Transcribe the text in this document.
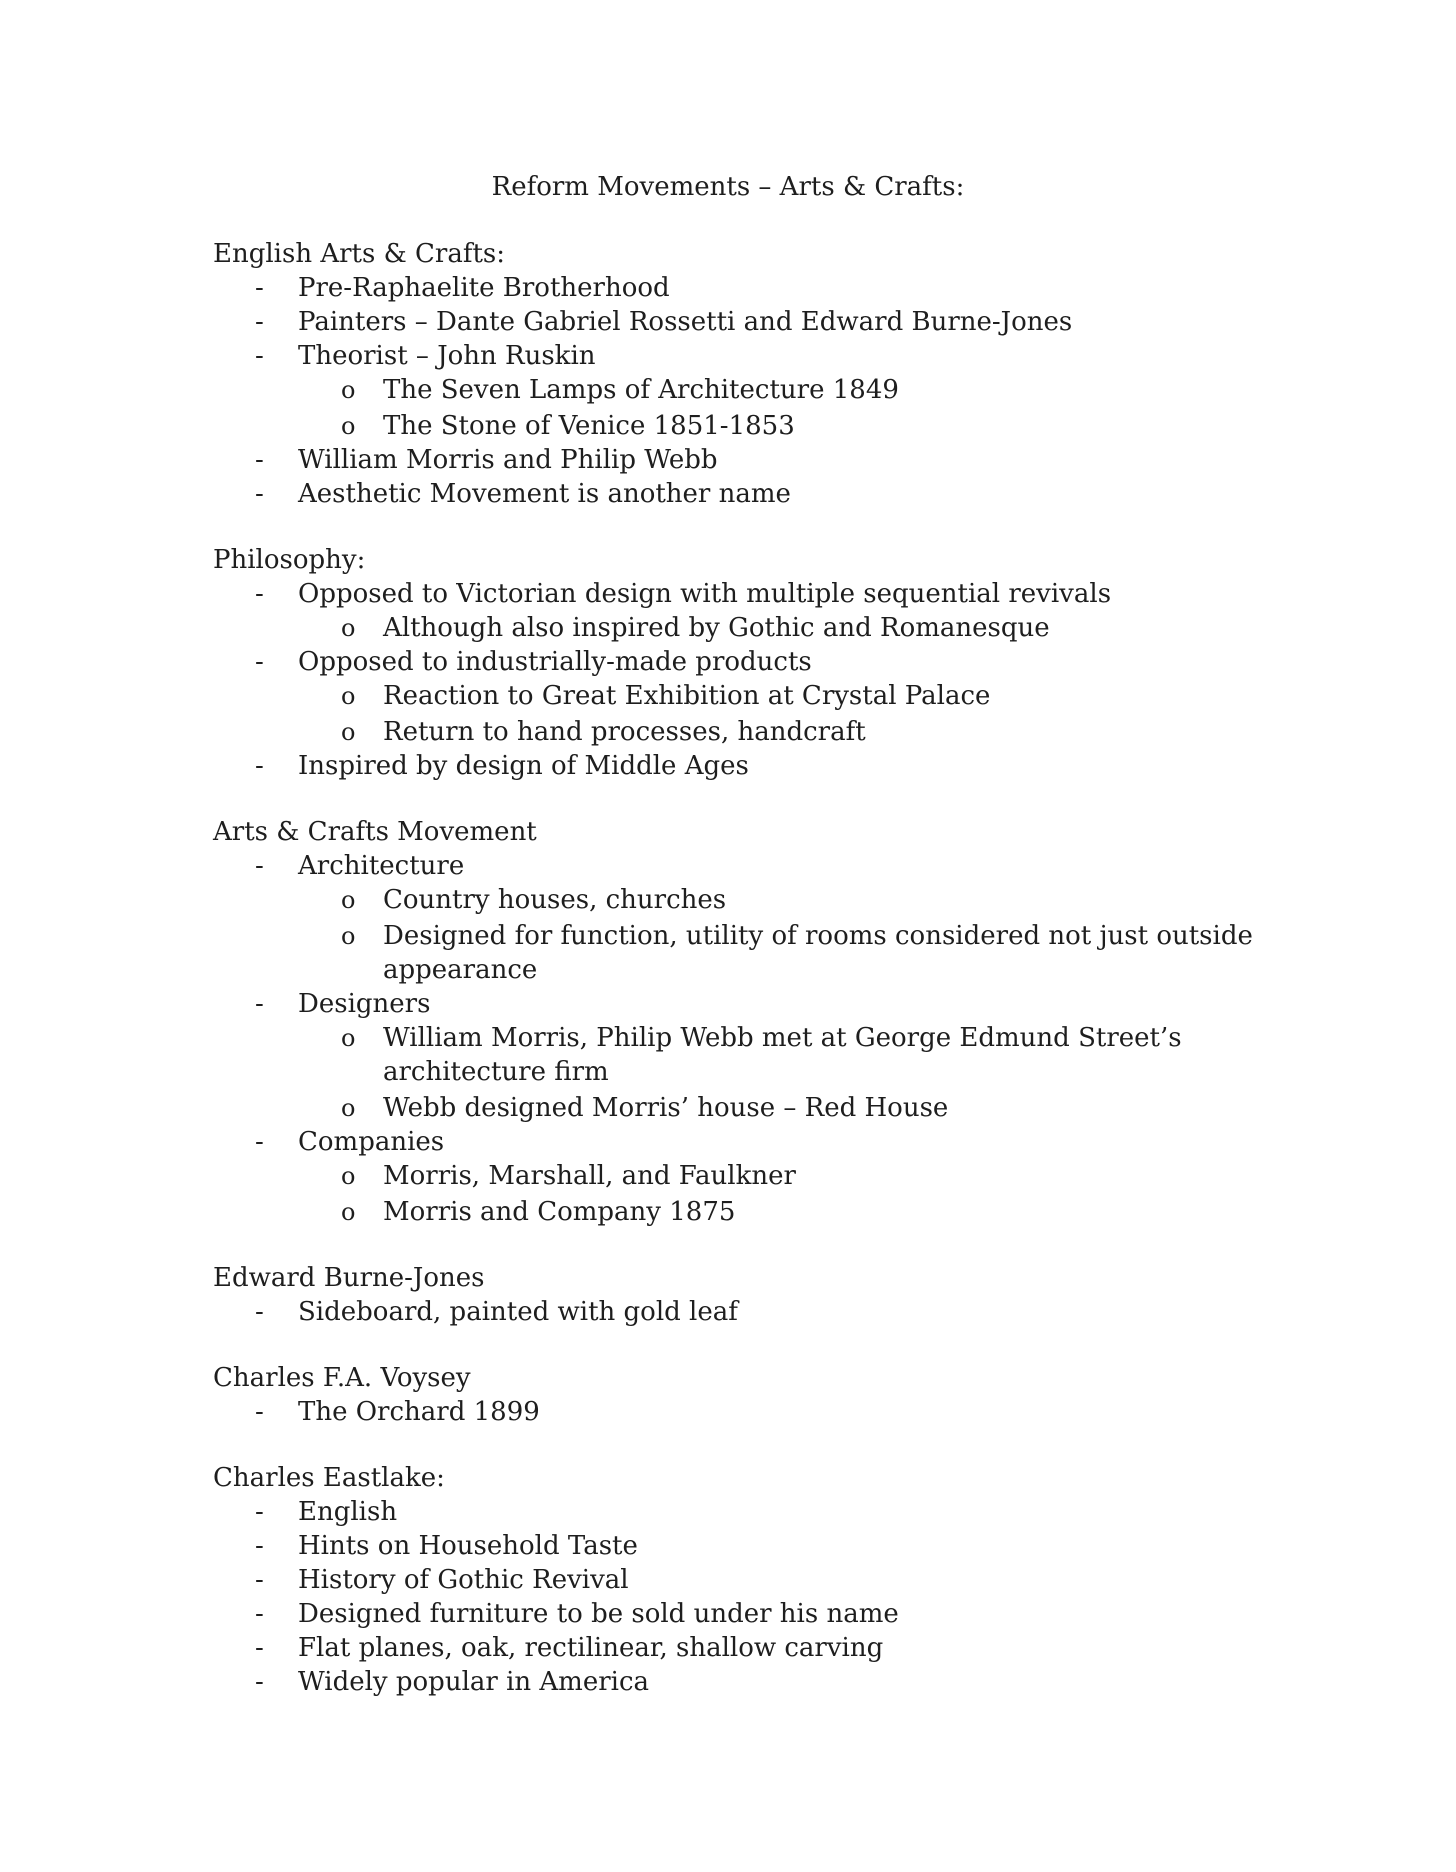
Reform Movements – Arts & Crafts:
English Arts & Crafts:
-	Pre-Raphaelite Brotherhood
-	Painters – Dante Gabriel Rossetti and Edward Burne-Jones
-	Theorist – John Ruskin
o The Seven Lamps of Architecture 1849
o The Stone of Venice 1851-1853
-	William Morris and Philip Webb
-	Aesthetic Movement is another name
Philosophy:
-	Opposed to Victorian design with multiple sequential revivals
o Although also inspired by Gothic and Romanesque
-	Opposed to industrially-made products
o Reaction to Great Exhibition at Crystal Palace
o Return to hand processes, handcraft
-	Inspired by design of Middle Ages
Arts & Crafts Movement
-	Architecture
o Country houses, churches
o Designed for function, utility of rooms considered not just outside appearance
-	Designers
o William Morris, Philip Webb met at George Edmund Street’s architecture firm
o Webb designed Morris’ house – Red House
-	Companies
o Morris, Marshall, and Faulkner
o Morris and Company 1875
Edward Burne-Jones
-	Sideboard, painted with gold leaf
Charles F.A. Voysey
-	The Orchard 1899
Charles Eastlake:
-	English
-	Hints on Household Taste
-	History of Gothic Revival
-	Designed furniture to be sold under his name
-	Flat planes, oak, rectilinear, shallow carving
-	Widely popular in America
